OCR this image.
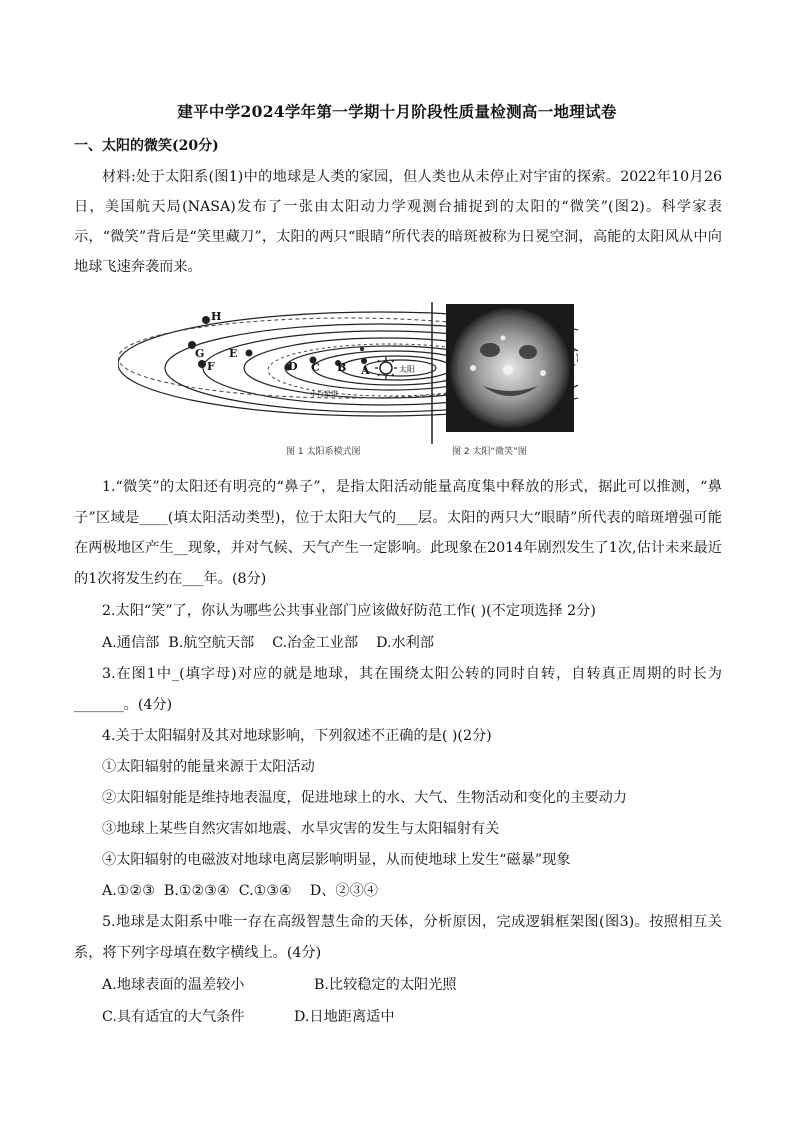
建平中学2024学年第一学期十月阶段性质量检测高一地理试卷
一、太阳的微笑(20分)

材料:处于太阳系(图1)中的地球是人类的家园，但人类也从未停止对宇宙的探索。2022年10月26日，美国航天局(NASA)发布了一张由太阳动力学观测台捕捉到的太阳的“微笑”(图2)。科学家表示，“微笑”背后是“笑里藏刀”，太阳的两只“眼睛”所代表的暗斑被称为日冕空洞，高能的太阳风从中向地球飞速奔袭而来。

H
G
F
E
D C B A	太阳
小行星带
图 1 太阳系模式图	图 2 太阳“微笑”图

1.“微笑”的太阳还有明亮的“鼻子”，是指太阳活动能量高度集中释放的形式，据此可以推测，“鼻子”区域是____(填太阳活动类型)，位于太阳大气的___层。太阳的两只大“眼睛”所代表的暗斑增强可能在两极地区产生__现象，并对气候、天气产生一定影响。此现象在2014年剧烈发生了1次,估计未来最近的1次将发生约在___年。(8分)

2.太阳“笑”了，你认为哪些公共事业部门应该做好防范工作( )(不定项选择 2分)

A.通信部  B.航空航天部    C.冶金工业部    D.水利部

3.在图1中_(填字母)对应的就是地球，其在围绕太阳公转的同时自转，自转真正周期的时长为_______。(4分)

4.关于太阳辐射及其对地球影响，下列叙述不正确的是( )(2分)

①太阳辐射的能量来源于太阳活动

②太阳辐射能是维持地表温度，促进地球上的水、大气、生物活动和变化的主要动力

③地球上某些自然灾害如地震、水旱灾害的发生与太阳辐射有关

④太阳辐射的电磁波对地球电离层影响明显，从而使地球上发生“磁暴”现象

A.①②③  B.①②③④  C.①③④    D、②③④

5.地球是太阳系中唯一存在高级智慧生命的天体，分析原因，完成逻辑框架图(图3)。按照相互关系，将下列字母填在数字横线上。(4分)

A.地球表面的温差较小	B.比较稳定的太阳光照

C.具有适宜的大气条件	D.日地距离适中
